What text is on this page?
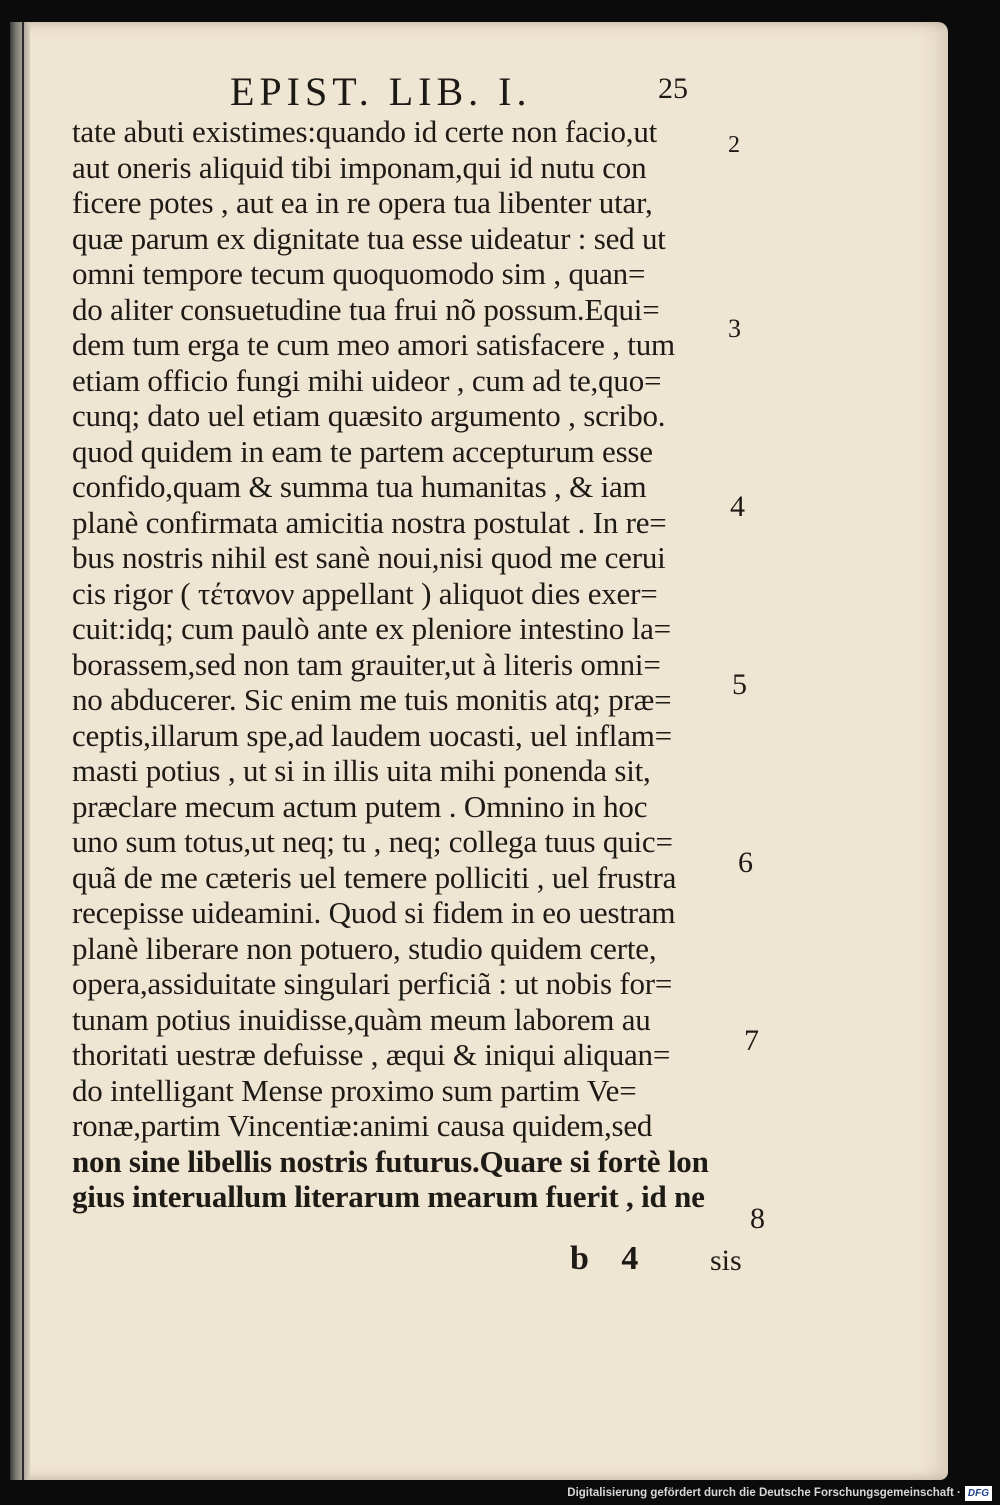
EPIST. LIB. I.	25
tate abuti existimes:quando id certe non facio,ut
aut oneris aliquid tibi imponam,qui id nutu con
ficere potes , aut ea in re opera tua libenter utar,
quæ parum ex dignitate tua esse uideatur : sed ut
omni tempore tecum quoquomodo sim , quan=
do aliter consuetudine tua frui nõ possum.Equi=
dem tum erga te cum meo amori satisfacere , tum
etiam officio fungi mihi uideor , cum ad te,quo=
cunq; dato uel etiam quæsito argumento , scribo.
quod quidem in eam te partem accepturum esse
confido,quam & summa tua humanitas , & iam
planè confirmata amicitia nostra postulat . In re=
bus nostris nihil est sanè noui,nisi quod me cerui
cis rigor ( τέτανον appellant ) aliquot dies exer=
cuit:idq; cum paulò ante ex pleniore intestino la=
borassem,sed non tam grauiter,ut à literis omni=
no abducerer. Sic enim me tuis monitis atq; præ=
ceptis,illarum spe,ad laudem uocasti, uel inflam=
masti potius , ut si in illis uita mihi ponenda sit,
præclare mecum actum putem . Omnino in hoc
uno sum totus,ut neq; tu , neq; collega tuus quic=
quã de me cæteris uel temere polliciti , uel frustra
recepisse uideamini. Quod si fidem in eo uestram
planè liberare non potuero, studio quidem certe,
opera,assiduitate singulari perficiã : ut nobis for=
tunam potius inuidisse,quàm meum laborem au
thoritati uestræ defuisse , æqui & iniqui aliquan=
do intelligant Mense proximo sum partim Ve=
ronæ,partim Vincentiæ:animi causa quidem,sed
non sine libellis nostris futurus.Quare si fortè lon
gius interuallum literarum mearum fuerit , id ne
2
3
4
5
6
7
8
b 4 sis
Digitalisierung gefördert durch die Deutsche Forschungsgemeinschaft · DFG
